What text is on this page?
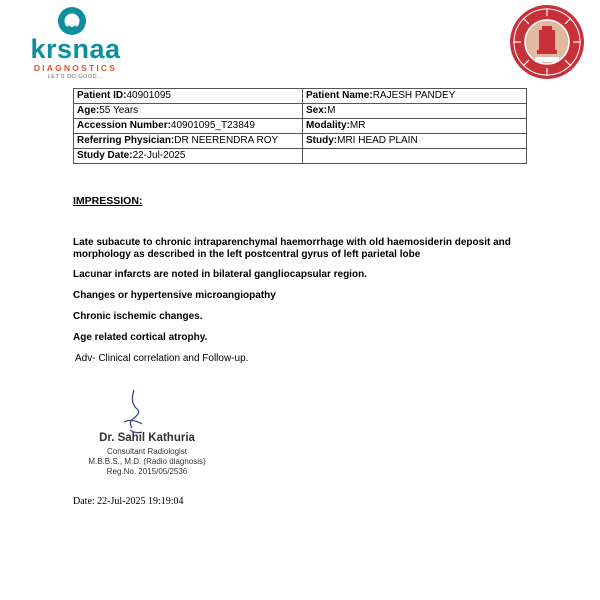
krsnaa
DIAGNOSTICS
LET'S DO GOOD...
Patient ID:40901095	Patient Name:RAJESH PANDEY
Age:55 Years	Sex:M
Accession Number:40901095_T23849	Modality:MR
Referring Physician:DR NEERENDRA ROY	Study:MRI HEAD PLAIN
Study Date:22-Jul-2025	
IMPRESSION:
Late subacute to chronic intraparenchymal haemorrhage with old haemosiderin deposit and morphology as described in the left postcentral gyrus of left parietal lobe
Lacunar infarcts are noted in bilateral gangliocapsular region.
Changes or hypertensive microangiopathy
Chronic ischemic changes.
Age related cortical atrophy.
Adv- Clinical correlation and Follow-up.
Dr. Sahil Kathuria
Consultant Radiologist
M.B.B.S., M.D. (Radio diagnosis)
Reg.No. 2015/05/2536
Date: 22-Jul-2025 19:19:04
